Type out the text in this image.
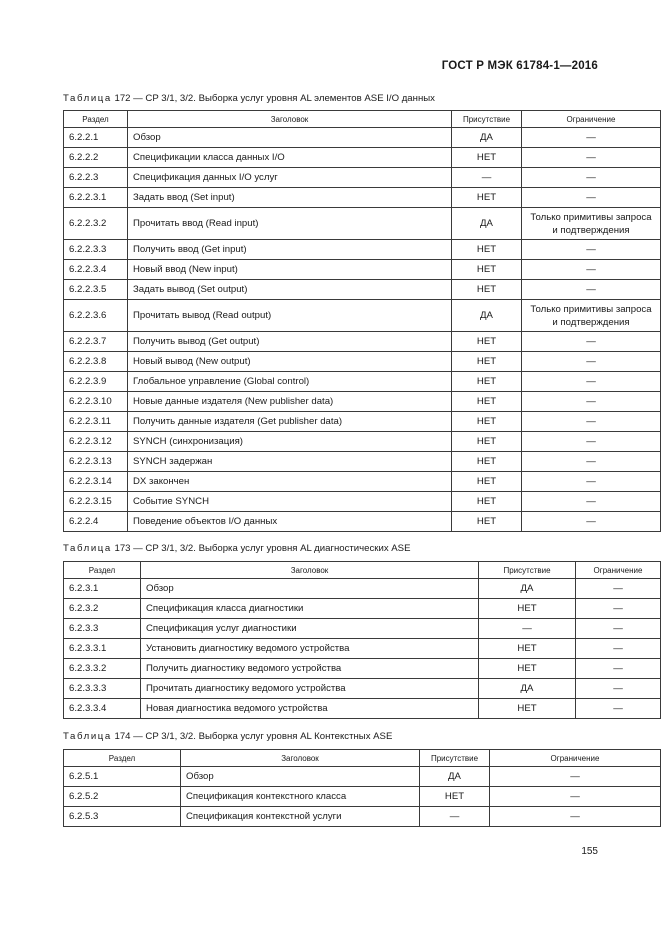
ГОСТ Р МЭК 61784-1—2016
Таблица 172 — CP 3/1, 3/2. Выборка услуг уровня AL элементов ASE I/O данных
Раздел	Заголовок	Присутствие	Ограничение
6.2.2.1	Обзор	ДА	—
6.2.2.2	Спецификации класса данных I/O	НЕТ	—
6.2.2.3	Спецификация данных I/O услуг	—	—
6.2.2.3.1	Задать ввод (Set input)	НЕТ	—
6.2.2.3.2	Прочитать ввод (Read input)	ДА	Только примитивы запроса и подтверждения
6.2.2.3.3	Получить ввод (Get input)	НЕТ	—
6.2.2.3.4	Новый ввод (New input)	НЕТ	—
6.2.2.3.5	Задать вывод (Set output)	НЕТ	—
6.2.2.3.6	Прочитать вывод (Read output)	ДА	Только примитивы запроса и подтверждения
6.2.2.3.7	Получить вывод (Get output)	НЕТ	—
6.2.2.3.8	Новый вывод (New output)	НЕТ	—
6.2.2.3.9	Глобальное управление (Global control)	НЕТ	—
6.2.2.3.10	Новые данные издателя (New publisher data)	НЕТ	—
6.2.2.3.11	Получить данные издателя (Get publisher data)	НЕТ	—
6.2.2.3.12	SYNCH (синхронизация)	НЕТ	—
6.2.2.3.13	SYNCH задержан	НЕТ	—
6.2.2.3.14	DX закончен	НЕТ	—
6.2.2.3.15	Событие SYNCH	НЕТ	—
6.2.2.4	Поведение объектов I/O данных	НЕТ	—
Таблица 173 — CP 3/1, 3/2. Выборка услуг уровня AL диагностических ASE
Раздел	Заголовок	Присутствие	Ограничение
6.2.3.1	Обзор	ДА	—
6.2.3.2	Спецификация класса диагностики	НЕТ	—
6.2.3.3	Спецификация услуг диагностики	—	—
6.2.3.3.1	Установить диагностику ведомого устройства	НЕТ	—
6.2.3.3.2	Получить диагностику ведомого устройства	НЕТ	—
6.2.3.3.3	Прочитать диагностику ведомого устройства	ДА	—
6.2.3.3.4	Новая диагностика ведомого устройства	НЕТ	—
Таблица 174 — CP 3/1, 3/2. Выборка услуг уровня AL Контекстных ASE
Раздел	Заголовок	Присутствие	Ограничение
6.2.5.1	Обзор	ДА	—
6.2.5.2	Спецификация контекстного класса	НЕТ	—
6.2.5.3	Спецификация контекстной услуги	—	—
155
